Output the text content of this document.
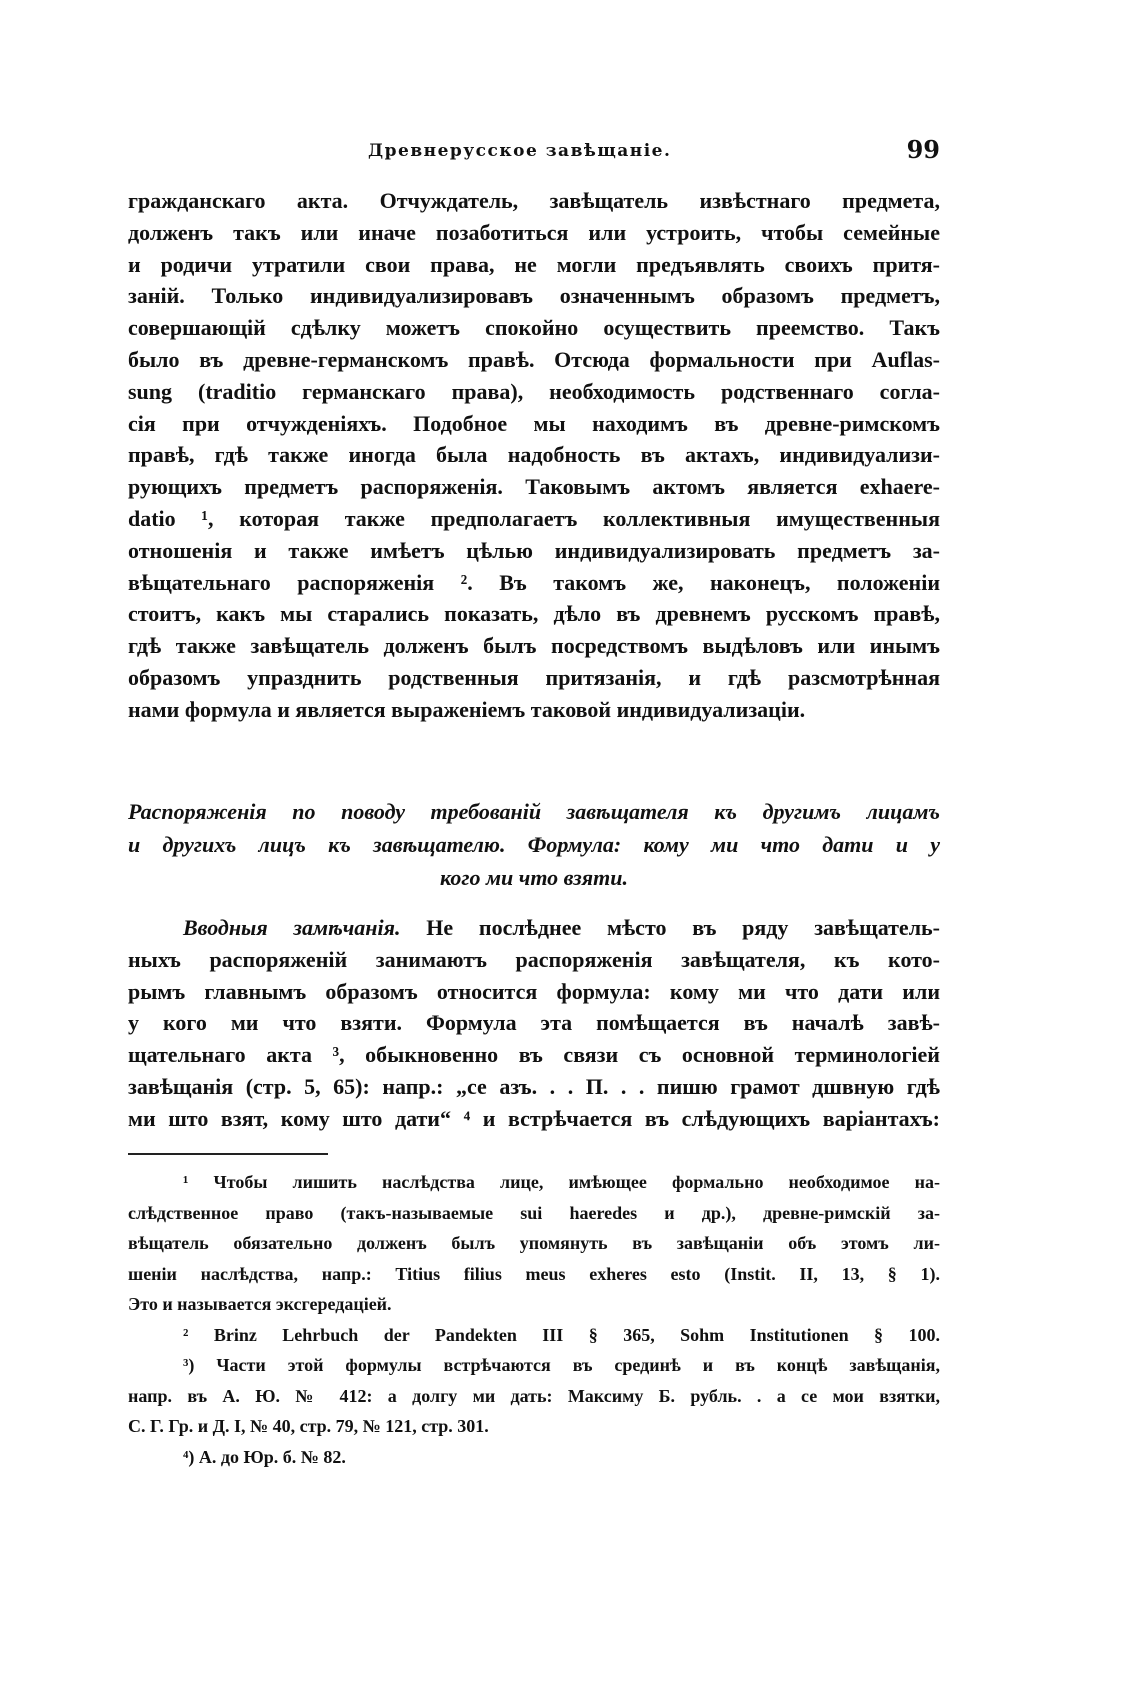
Древнерусское завѣщаніе.	99
гражданскаго акта. Отчуждатель, завѣщатель извѣстнаго предмета,
долженъ такъ или иначе позаботиться или устроить, чтобы семейные
и родичи утратили свои права, не могли предъявлять своихъ притя-
заній. Только индивидуализировавъ означеннымъ образомъ предметъ,
совершающій сдѣлку можетъ спокойно осуществить преемство. Такъ
было въ древне-германскомъ правѣ. Отсюда формальности при Auflas-
sung (traditio германскаго права), необходимость родственнаго согла-
сія при отчужденіяхъ. Подобное мы находимъ въ древне-римскомъ
правѣ, гдѣ также иногда была надобность въ актахъ, индивидуализи-
рующихъ предметъ распоряженія. Таковымъ актомъ является exhaere-
datio ¹, которая также предполагаетъ коллективныя имущественныя
отношенія и также имѣетъ цѣлью индивидуализировать предметъ за-
вѣщательнаго распоряженія ². Въ такомъ же, наконецъ, положеніи
стоитъ, какъ мы старались показать, дѣло въ древнемъ русскомъ правѣ,
гдѣ также завѣщатель долженъ былъ посредствомъ выдѣловъ или инымъ
образомъ упразднить родственныя притязанія, и гдѣ разсмотрѣнная
нами формула и является выраженіемъ таковой индивидуализаціи.
Распоряженія по поводу требованій завѣщателя къ другимъ лицамъ
и другихъ лицъ къ завѣщателю. Формула: кому ми что дати и у
кого ми что взяти.
Вводныя замѣчанія. Не послѣднее мѣсто въ ряду завѣщатель-
ныхъ распоряженій занимаютъ распоряженія завѣщателя, къ кото-
рымъ главнымъ образомъ относится формула: кому ми что дати или
у кого ми что взяти. Формула эта помѣщается въ началѣ завѣ-
щательнаго акта ³, обыкновенно въ связи съ основной терминологіей
завѣщанія (стр. 5, 65): напр.: „се азъ. . . П. . . пишю грамот дшвную гдѣ
ми што взят, кому што дати“ ⁴ и встрѣчается въ слѣдующихъ варіантахъ:
¹ Чтобы лишить наслѣдства лице, имѣющее формально необходимое на-
слѣдственное право (такъ-называемые sui haeredes и др.), древне-римскій за-
вѣщатель обязательно долженъ былъ упомянуть въ завѣщаніи объ этомъ ли-
шеніи наслѣдства, напр.: Titius filius meus exheres esto (Instit. II, 13, § 1).
Это и называется эксгередаціей.
² Brinz Lehrbuch der Pandekten III § 365, Sohm Institutionen § 100.
³) Части этой формулы встрѣчаются въ срединѣ и въ концѣ завѣщанія,
напр. въ А. Ю. № 412: а долгу ми дать: Максиму Б. рубль. . а се мои взятки,
С. Г. Гр. и Д. I, № 40, стр. 79, № 121, стр. 301.
⁴) А. до Юр. б. № 82.
